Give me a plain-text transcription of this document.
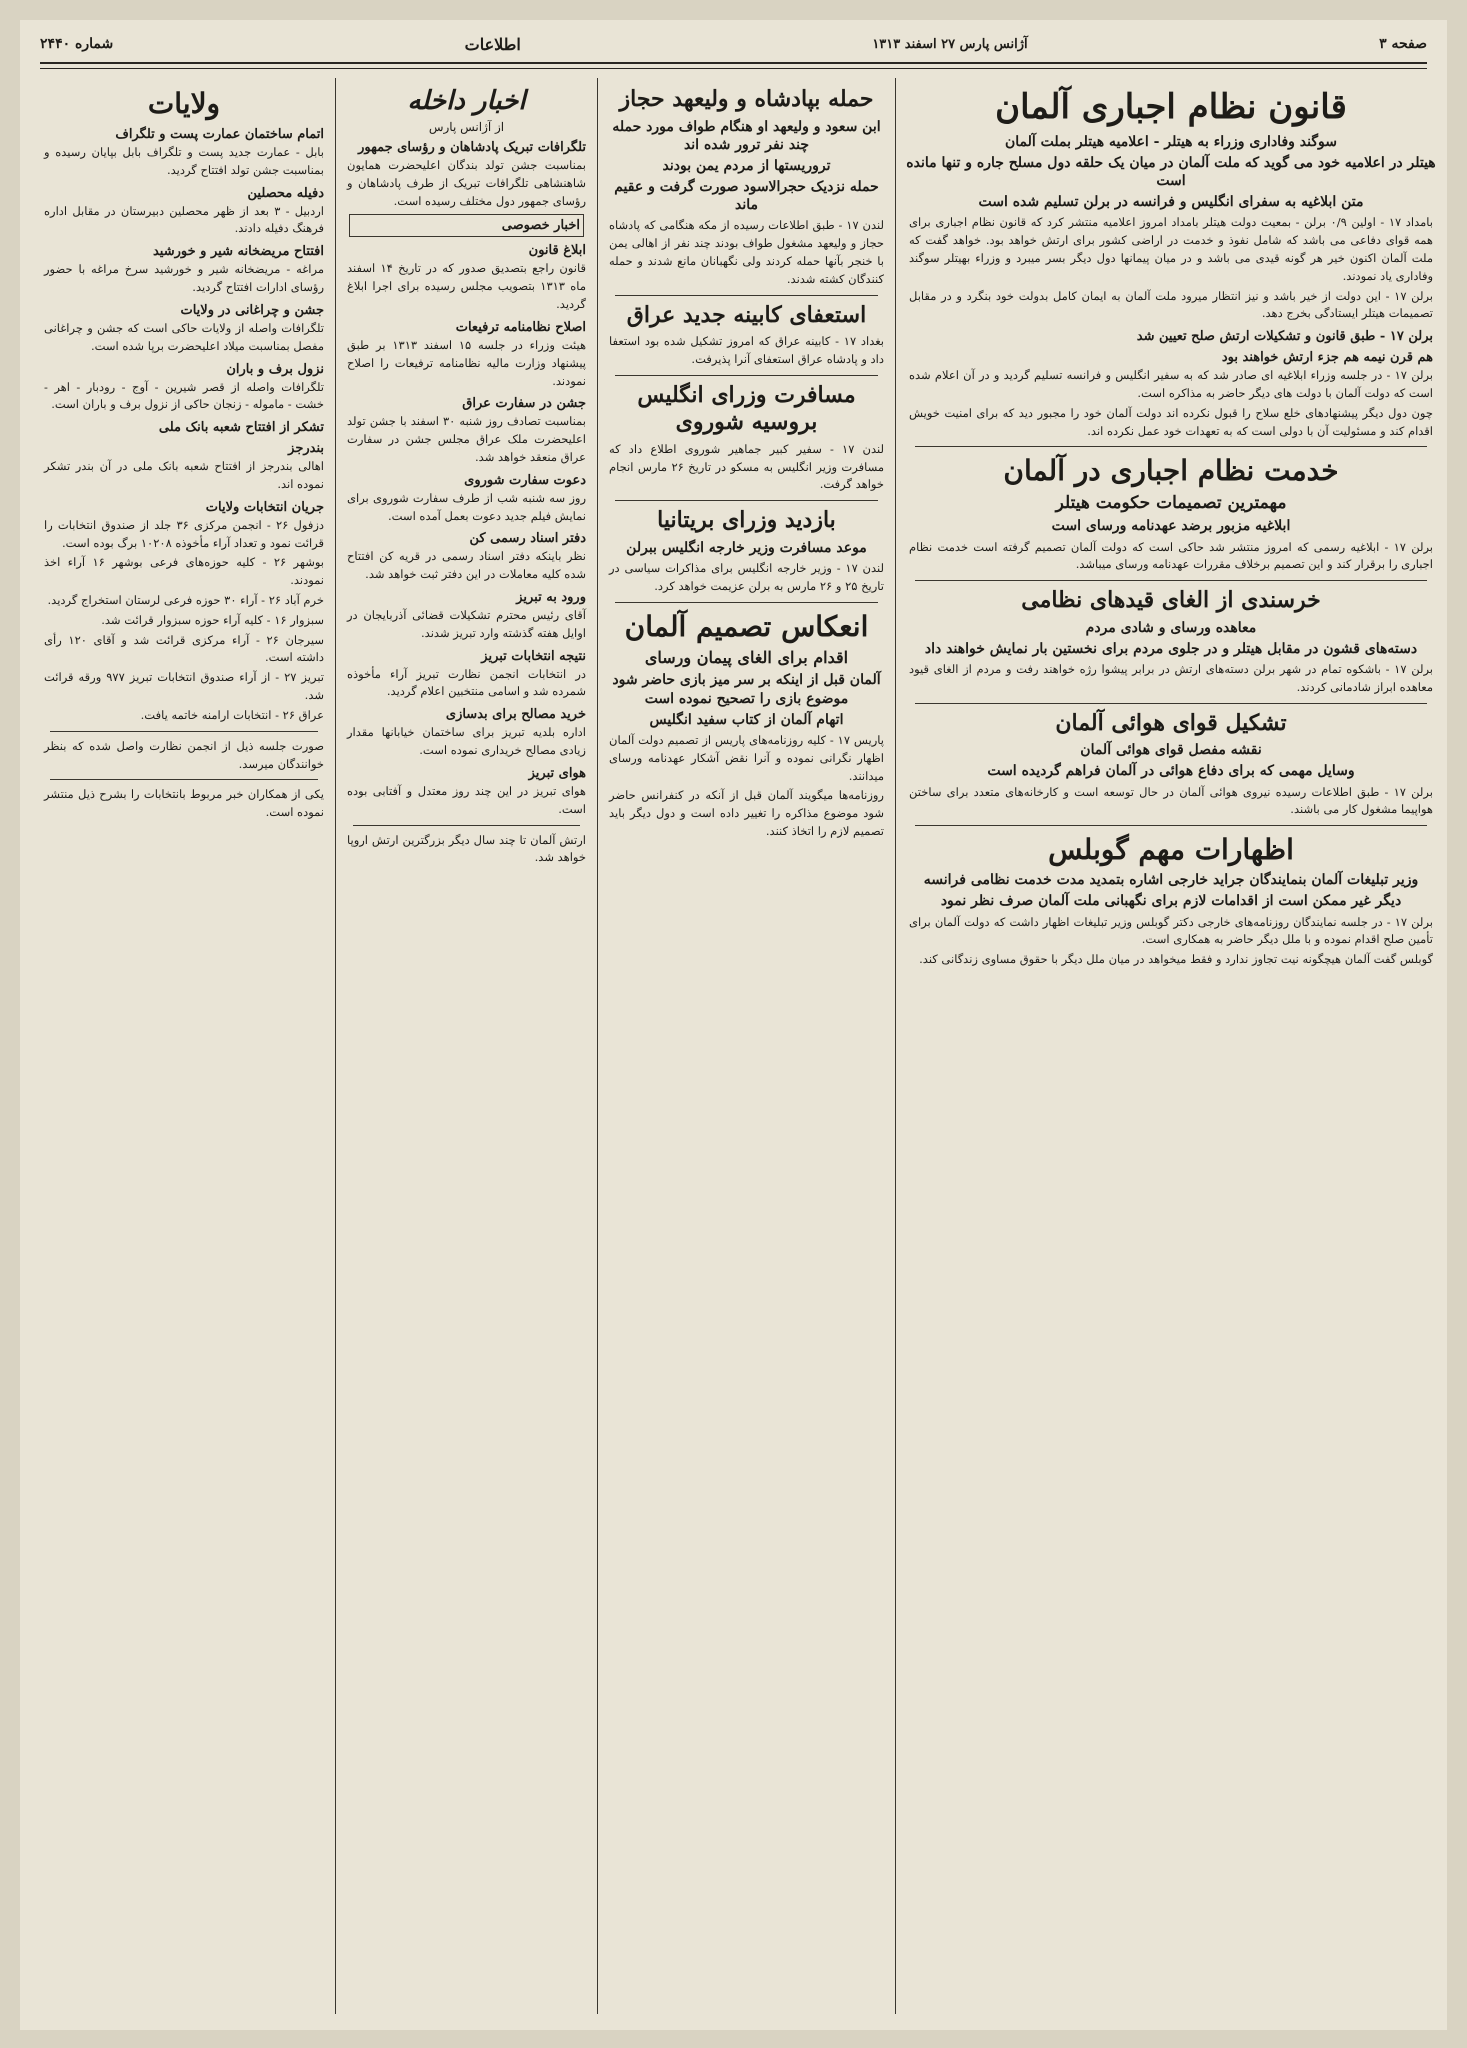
صفحه ۳
آژانس پارس ۲۷ اسفند ۱۳۱۳
اطلاعات
شماره ۲۴۴۰
قانون نظام اجباری آلمان
سوگند وفاداری وزراء به هیتلر - اعلامیه هیتلر بملت آلمان
هیتلر در اعلامیه خود می گوید که ملت آلمان در میان یک حلقه دول مسلح جاره و تنها مانده است
متن ابلاغیه به سفرای انگلیس و فرانسه در برلن تسلیم شده است
بامداد ۱۷ - اولین ۰/۹ برلن - بمعیت دولت هیتلر بامداد امروز اعلامیه منتشر کرد که قانون نظام اجباری برای همه قوای دفاعی می باشد که شامل نفوذ و خدمت در اراضی کشور برای ارتش خواهد بود. خواهد گفت که ملت آلمان اکنون خیر هر گونه قیدی می باشد و در میان پیمانها دول دیگر بسر میبرد و وزراء بهیتلر سوگند وفاداری یاد نمودند.
برلن ۱۷ - این دولت از خیر باشد و نیز انتظار میرود ملت آلمان به ایمان کامل بدولت خود بنگرد و در مقابل تصمیمات هیتلر ایستادگی بخرج دهد.
برلن ۱۷ - طبق قانون و تشکیلات ارتش صلح تعیین شد
هم قرن نیمه هم جزء ارتش خواهند بود
برلن ۱۷ - در جلسه وزراء ابلاغیه ای صادر شد که به سفیر انگلیس و فرانسه تسلیم گردید و در آن اعلام شده است که دولت آلمان با دولت های دیگر حاضر به مذاکره است.
چون دول دیگر پیشنهادهای خلع سلاح را قبول نکرده اند دولت آلمان خود را مجبور دید که برای امنیت خویش اقدام کند و مسئولیت آن با دولی است که به تعهدات خود عمل نکرده اند.
خدمت نظام اجباری در آلمان
مهمترین تصمیمات حکومت هیتلر
ابلاغیه مزبور برضد عهدنامه ورسای است
برلن ۱۷ - ابلاغیه رسمی که امروز منتشر شد حاکی است که دولت آلمان تصمیم گرفته است خدمت نظام اجباری را برقرار کند و این تصمیم برخلاف مقررات عهدنامه ورسای میباشد.
خرسندی از الغای قیدهای نظامی
معاهده ورسای و شادی مردم
دسته‌های قشون در مقابل هیتلر و در جلوی مردم برای نخستین بار نمایش خواهند داد
برلن ۱۷ - باشکوه تمام در شهر برلن دسته‌های ارتش در برابر پیشوا رژه خواهند رفت و مردم از الغای قیود معاهده ابراز شادمانی کردند.
تشکیل قوای هوائی آلمان
نقشه مفصل قوای هوائی آلمان
وسایل مهمی که برای دفاع هوائی در آلمان فراهم گردیده است
برلن ۱۷ - طبق اطلاعات رسیده نیروی هوائی آلمان در حال توسعه است و کارخانه‌های متعدد برای ساختن هواپیما مشغول کار می باشند.
اظهارات مهم گوبلس
وزیر تبلیغات آلمان بنمایندگان جراید خارجی اشاره بتمدید مدت خدمت نظامی فرانسه
دیگر غیر ممکن است از اقدامات لازم برای نگهبانی ملت آلمان صرف نظر نمود
برلن ۱۷ - در جلسه نمایندگان روزنامه‌های خارجی دکتر گوبلس وزیر تبلیغات اظهار داشت که دولت آلمان برای تأمین صلح اقدام نموده و با ملل دیگر حاضر به همکاری است.
گوبلس گفت آلمان هیچگونه نیت تجاوز ندارد و فقط میخواهد در میان ملل دیگر با حقوق مساوی زندگانی کند.
حمله بپادشاه و ولیعهد حجاز
ابن سعود و ولیعهد او هنگام طواف مورد حمله چند نفر ترور شده اند
تروریستها از مردم یمن بودند
حمله نزدیک حجرالاسود صورت گرفت و عقیم ماند
لندن ۱۷ - طبق اطلاعات رسیده از مکه هنگامی که پادشاه حجاز و ولیعهد مشغول طواف بودند چند نفر از اهالی یمن با خنجر بآنها حمله کردند ولی نگهبانان مانع شدند و حمله کنندگان کشته شدند.
استعفای کابینه جدید عراق
بغداد ۱۷ - کابینه عراق که امروز تشکیل شده بود استعفا داد و پادشاه عراق استعفای آنرا پذیرفت.
مسافرت وزرای انگلیس بروسیه شوروی
لندن ۱۷ - سفیر کبیر جماهیر شوروی اطلاع داد که مسافرت وزیر انگلیس به مسکو در تاریخ ۲۶ مارس انجام خواهد گرفت.
بازدید وزرای بریتانیا
موعد مسافرت وزیر خارجه انگلیس ببرلن
لندن ۱۷ - وزیر خارجه انگلیس برای مذاکرات سیاسی در تاریخ ۲۵ و ۲۶ مارس به برلن عزیمت خواهد کرد.
انعکاس تصمیم آلمان
اقدام برای الغای پیمان ورسای
آلمان قبل از اینکه بر سر میز بازی حاضر شود موضوع بازی را تصحیح نموده است
اتهام آلمان از کتاب سفید انگلیس
پاریس ۱۷ - کلیه روزنامه‌های پاریس از تصمیم دولت آلمان اظهار نگرانی نموده و آنرا نقض آشکار عهدنامه ورسای میدانند.
روزنامه‌ها میگویند آلمان قبل از آنکه در کنفرانس حاضر شود موضوع مذاکره را تغییر داده است و دول دیگر باید تصمیم لازم را اتخاذ کنند.
اخبار داخله
از آژانس پارس
تلگرافات تبریک پادشاهان و رؤسای جمهور
بمناسبت جشن تولد بندگان اعلیحضرت همایون شاهنشاهی تلگرافات تبریک از طرف پادشاهان و رؤسای جمهور دول مختلف رسیده است.
اخبار خصوصی
ابلاغ قانون
قانون راجع بتصدیق صدور که در تاریخ ۱۴ اسفند ماه ۱۳۱۳ بتصویب مجلس رسیده برای اجرا ابلاغ گردید.
اصلاح نظامنامه ترفیعات
هیئت وزراء در جلسه ۱۵ اسفند ۱۳۱۳ بر طبق پیشنهاد وزارت مالیه نظامنامه ترفیعات را اصلاح نمودند.
جشن در سفارت عراق
بمناسبت تصادف روز شنبه ۳۰ اسفند با جشن تولد اعلیحضرت ملک عراق مجلس جشن در سفارت عراق منعقد خواهد شد.
دعوت سفارت شوروی
روز سه شنبه شب از طرف سفارت شوروی برای نمایش فیلم جدید دعوت بعمل آمده است.
دفتر اسناد رسمی کن
نظر باینکه دفتر اسناد رسمی در قریه کن افتتاح شده کلیه معاملات در این دفتر ثبت خواهد شد.
ورود به تبریز
آقای رئیس محترم تشکیلات قضائی آذربایجان در اوایل هفته گذشته وارد تبریز شدند.
نتیجه انتخابات تبریز
در انتخابات انجمن نظارت تبریز آراء مأخوذه شمرده شد و اسامی منتخبین اعلام گردید.
خرید مصالح برای بدسازی
اداره بلدیه تبریز برای ساختمان خیابانها مقدار زیادی مصالح خریداری نموده است.
هوای تبریز
هوای تبریز در این چند روز معتدل و آفتابی بوده است.
ارتش آلمان تا چند سال دیگر بزرگترین ارتش اروپا خواهد شد.
ولایات
اتمام ساختمان عمارت پست و تلگراف
بابل - عمارت جدید پست و تلگراف بابل بپایان رسیده و بمناسبت جشن تولد افتتاح گردید.
دفیله محصلین
اردبیل - ۳ بعد از ظهر محصلین دبیرستان در مقابل اداره فرهنگ دفیله دادند.
افتتاح مریضخانه شیر و خورشید
مراغه - مریضخانه شیر و خورشید سرخ مراغه با حضور رؤسای ادارات افتتاح گردید.
جشن و چراغانی در ولایات
تلگرافات واصله از ولایات حاکی است که جشن و چراغانی مفصل بمناسبت میلاد اعلیحضرت برپا شده است.
نزول برف و باران
تلگرافات واصله از قصر شیرین - آوج - رودبار - اهر - خشت - ماموله - زنجان حاکی از نزول برف و باران است.
تشکر از افتتاح شعبه بانک ملی
بندرجز
اهالی بندرجز از افتتاح شعبه بانک ملی در آن بندر تشکر نموده اند.
جریان انتخابات ولایات
دزفول ۲۶ - انجمن مرکزی ۳۶ جلد از صندوق انتخابات را قرائت نمود و تعداد آراء مأخوذه ۱۰۲۰۸ برگ بوده است.
بوشهر ۲۶ - کلیه حوزه‌های فرعی بوشهر ۱۶ آراء اخذ نمودند.
خرم آباد ۲۶ - آراء ۳۰ حوزه فرعی لرستان استخراج گردید.
سبزوار ۱۶ - کلیه آراء حوزه سبزوار قرائت شد.
سیرجان ۲۶ - آراء مرکزی قرائت شد و آقای ۱۲۰ رأی داشته است.
تبریز ۲۷ - از آراء صندوق انتخابات تبریز ۹۷۷ ورقه قرائت شد.
عراق ۲۶ - انتخابات ارامنه خاتمه یافت.
صورت جلسه ذیل از انجمن نظارت واصل شده که بنظر خوانندگان میرسد.
یکی از همکاران خبر مربوط بانتخابات را بشرح ذیل منتشر نموده است.
